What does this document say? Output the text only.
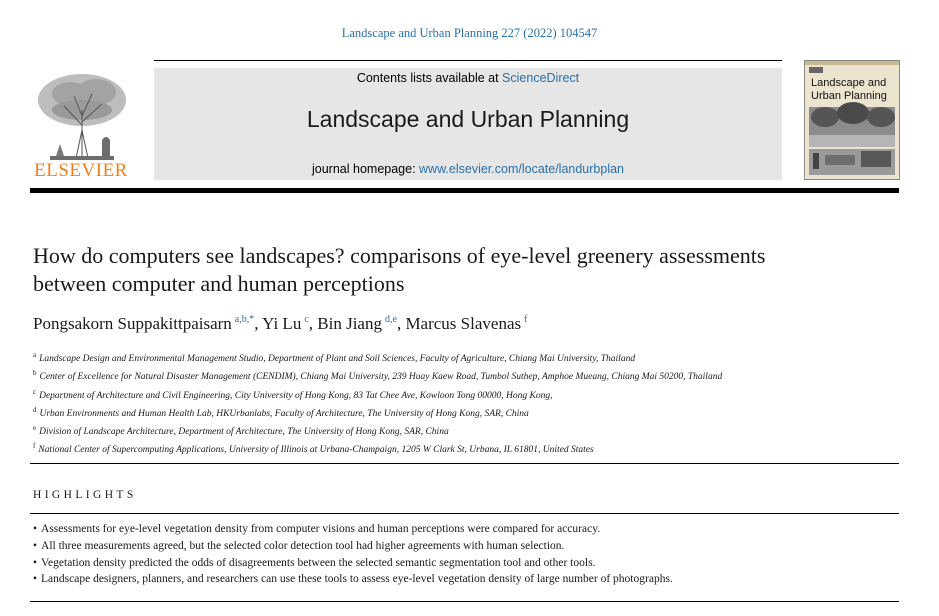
Landscape and Urban Planning 227 (2022) 104547
ELSEVIER
Contents lists available at ScienceDirect
Landscape and Urban Planning
journal homepage: www.elsevier.com/locate/landurbplan
Landscape and
Urban Planning
How do computers see landscapes? comparisons of eye-level greenery assessments between computer and human perceptions
Pongsakorn Suppakittpaisarn $^{a,b,*}$, Yi Lu $^c$, Bin Jiang $^{d,e}$, Marcus Slavenas $^f$
$^a$ Landscape Design and Environmental Management Studio, Department of Plant and Soil Sciences, Faculty of Agriculture, Chiang Mai University, Thailand
$^b$ Center of Excellence for Natural Disaster Management (CENDIM), Chiang Mai University, 239 Huay Kaew Road, Tumbol Suthep, Amphoe Mueang, Chiang Mai 50200, Thailand
$^c$ Department of Architecture and Civil Engineering, City University of Hong Kong, 83 Tat Chee Ave, Kowloon Tong 00000, Hong Kong,
$^d$ Urban Environments and Human Health Lab, HKUrbanlabs, Faculty of Architecture, The University of Hong Kong, SAR, China
$^e$ Division of Landscape Architecture, Department of Architecture, The University of Hong Kong, SAR, China
$^f$ National Center of Supercomputing Applications, University of Illinois at Urbana-Champaign, 1205 W Clark St, Urbana, IL 61801, United States
HIGHLIGHTS
• Assessments for eye-level vegetation density from computer visions and human perceptions were compared for accuracy.
• All three measurements agreed, but the selected color detection tool had higher agreements with human selection.
• Vegetation density predicted the odds of disagreements between the selected semantic segmentation tool and other tools.
• Landscape designers, planners, and researchers can use these tools to assess eye-level vegetation density of large number of photographs.
